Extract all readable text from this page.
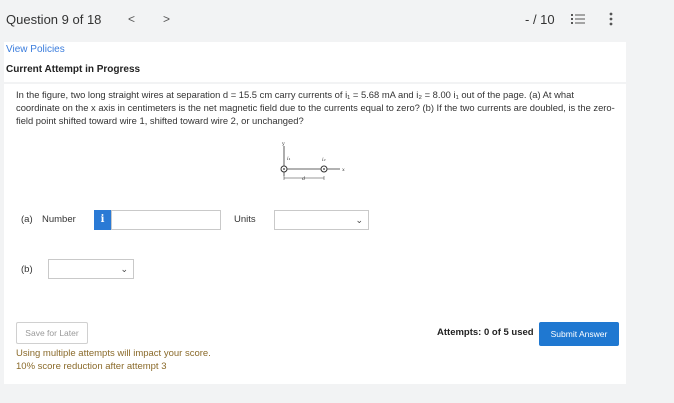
Question 9 of 18 < >	- / 10
View Policies
Current Attempt in Progress

In the figure, two long straight wires at separation d = 15.5 cm carry currents of i₁ = 5.68 mA and i₂ = 8.00 i₁ out of the page. (a) At what coordinate on the x axis in centimeters is the net magnetic field due to the currents equal to zero? (b) If the two currents are doubled, is the zero-field point shifted toward wire 1, shifted toward wire 2, or unchanged?

y
x
i₁	i₂
d
(a) Number	i	Units	⌄
(b)	⌄
Save for Later	Attempts: 0 of 5 used	Submit Answer
Using multiple attempts will impact your score.
10% score reduction after attempt 3
